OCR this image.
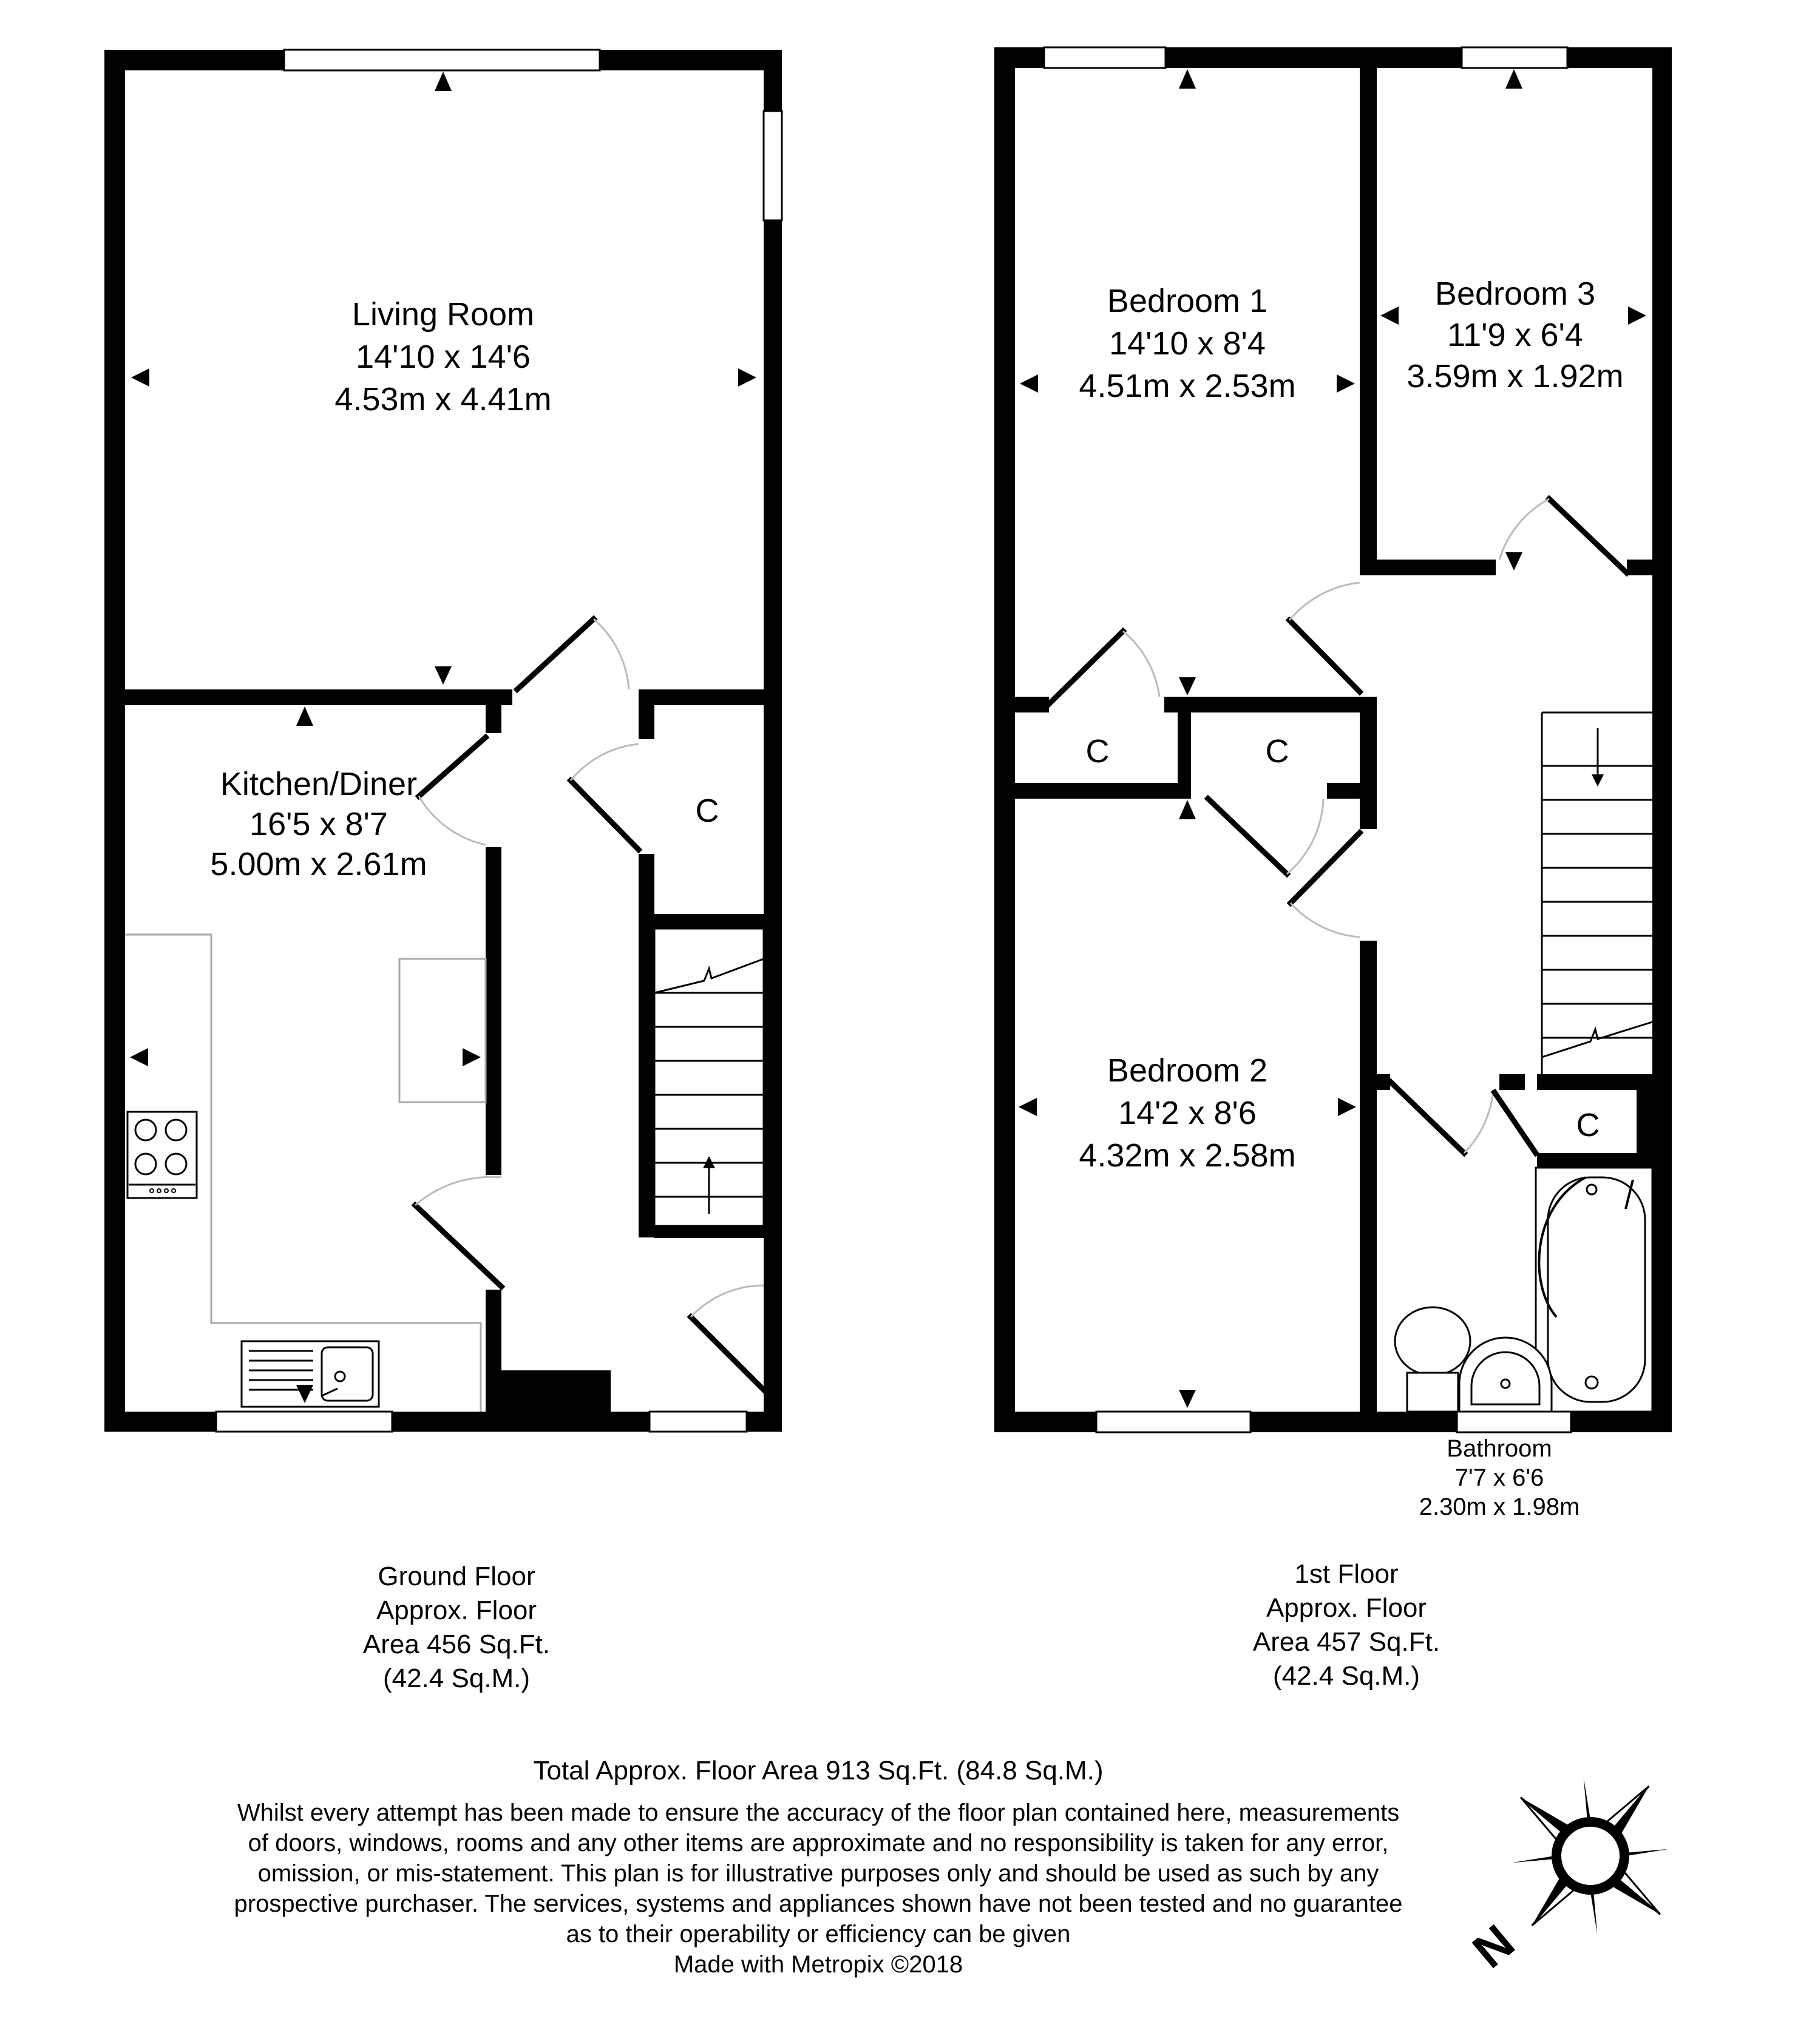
Living Room
14'10 x 14'6
4.53m x 4.41m
Kitchen/Diner
16'5 x 8'7
5.00m x 2.61m
C
Bedroom 1
14'10 x 8'4
4.51m x 2.53m
Bedroom 3
11'9 x 6'4
3.59m x 1.92m
Bedroom 2
14'2 x 8'6
4.32m x 2.58m
C	C
C
Bathroom
7'7 x 6'6
2.30m x 1.98m
Ground Floor
Approx. Floor
Area 456 Sq.Ft.
(42.4 Sq.M.)
1st Floor
Approx. Floor
Area 457 Sq.Ft.
(42.4 Sq.M.)
Total Approx. Floor Area 913 Sq.Ft. (84.8 Sq.M.)
Whilst every attempt has been made to ensure the accuracy of the floor plan contained here, measurements
of doors, windows, rooms and any other items are approximate and no responsibility is taken for any error,
omission, or mis-statement. This plan is for illustrative purposes only and should be used as such by any
prospective purchaser. The services, systems and appliances shown have not been tested and no guarantee
as to their operability or efficiency can be given
Made with Metropix ©2018	N
